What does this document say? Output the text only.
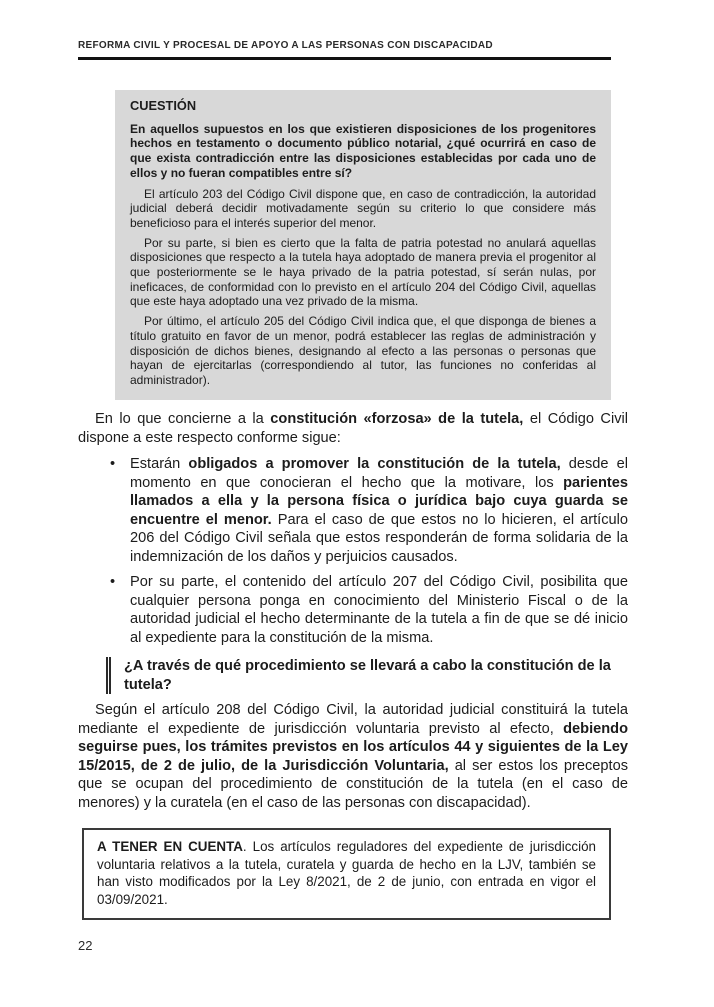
REFORMA CIVIL Y PROCESAL DE APOYO A LAS PERSONAS CON DISCAPACIDAD
CUESTIÓN

En aquellos supuestos en los que existieren disposiciones de los progenitores hechos en testamento o documento público notarial, ¿qué ocurrirá en caso de que exista contradicción entre las disposiciones establecidas por cada uno de ellos y no fueran compatibles entre sí?

El artículo 203 del Código Civil dispone que, en caso de contradicción, la autoridad judicial deberá decidir motivadamente según su criterio lo que considere más beneficioso para el interés superior del menor.

Por su parte, si bien es cierto que la falta de patria potestad no anulará aquellas disposiciones que respecto a la tutela haya adoptado de manera previa el progenitor al que posteriormente se le haya privado de la patria potestad, sí serán nulas, por ineficaces, de conformidad con lo previsto en el artículo 204 del Código Civil, aquellas que este haya adoptado una vez privado de la misma.

Por último, el artículo 205 del Código Civil indica que, el que disponga de bienes a título gratuito en favor de un menor, podrá establecer las reglas de administración y disposición de dichos bienes, designando al efecto a las personas o personas que hayan de ejercitarlas (correspondiendo al tutor, las funciones no conferidas al administrador).

En lo que concierne a la constitución «forzosa» de la tutela, el Código Civil dispone a este respecto conforme sigue:

•	Estarán obligados a promover la constitución de la tutela, desde el momento en que conocieran el hecho que la motivare, los parientes llamados a ella y la persona física o jurídica bajo cuya guarda se encuentre el menor. Para el caso de que estos no lo hicieren, el artículo 206 del Código Civil señala que estos responderán de forma solidaria de la indemnización de los daños y perjuicios causados.
•	Por su parte, el contenido del artículo 207 del Código Civil, posibilita que cualquier persona ponga en conocimiento del Ministerio Fiscal o de la autoridad judicial el hecho determinante de la tutela a fin de que se dé inicio al expediente para la constitución de la misma.
¿A través de qué procedimiento se llevará a cabo la constitución de la tutela?

Según el artículo 208 del Código Civil, la autoridad judicial constituirá la tutela mediante el expediente de jurisdicción voluntaria previsto al efecto, debiendo seguirse pues, los trámites previstos en los artículos 44 y siguientes de la Ley 15/2015, de 2 de julio, de la Jurisdicción Voluntaria, al ser estos los preceptos que se ocupan del procedimiento de constitución de la tutela (en el caso de menores) y la curatela (en el caso de las personas con discapacidad).

A TENER EN CUENTA. Los artículos reguladores del expediente de jurisdicción voluntaria relativos a la tutela, curatela y guarda de hecho en la LJV, también se han visto modificados por la Ley 8/2021, de 2 de junio, con entrada en vigor el 03/09/2021.
22
